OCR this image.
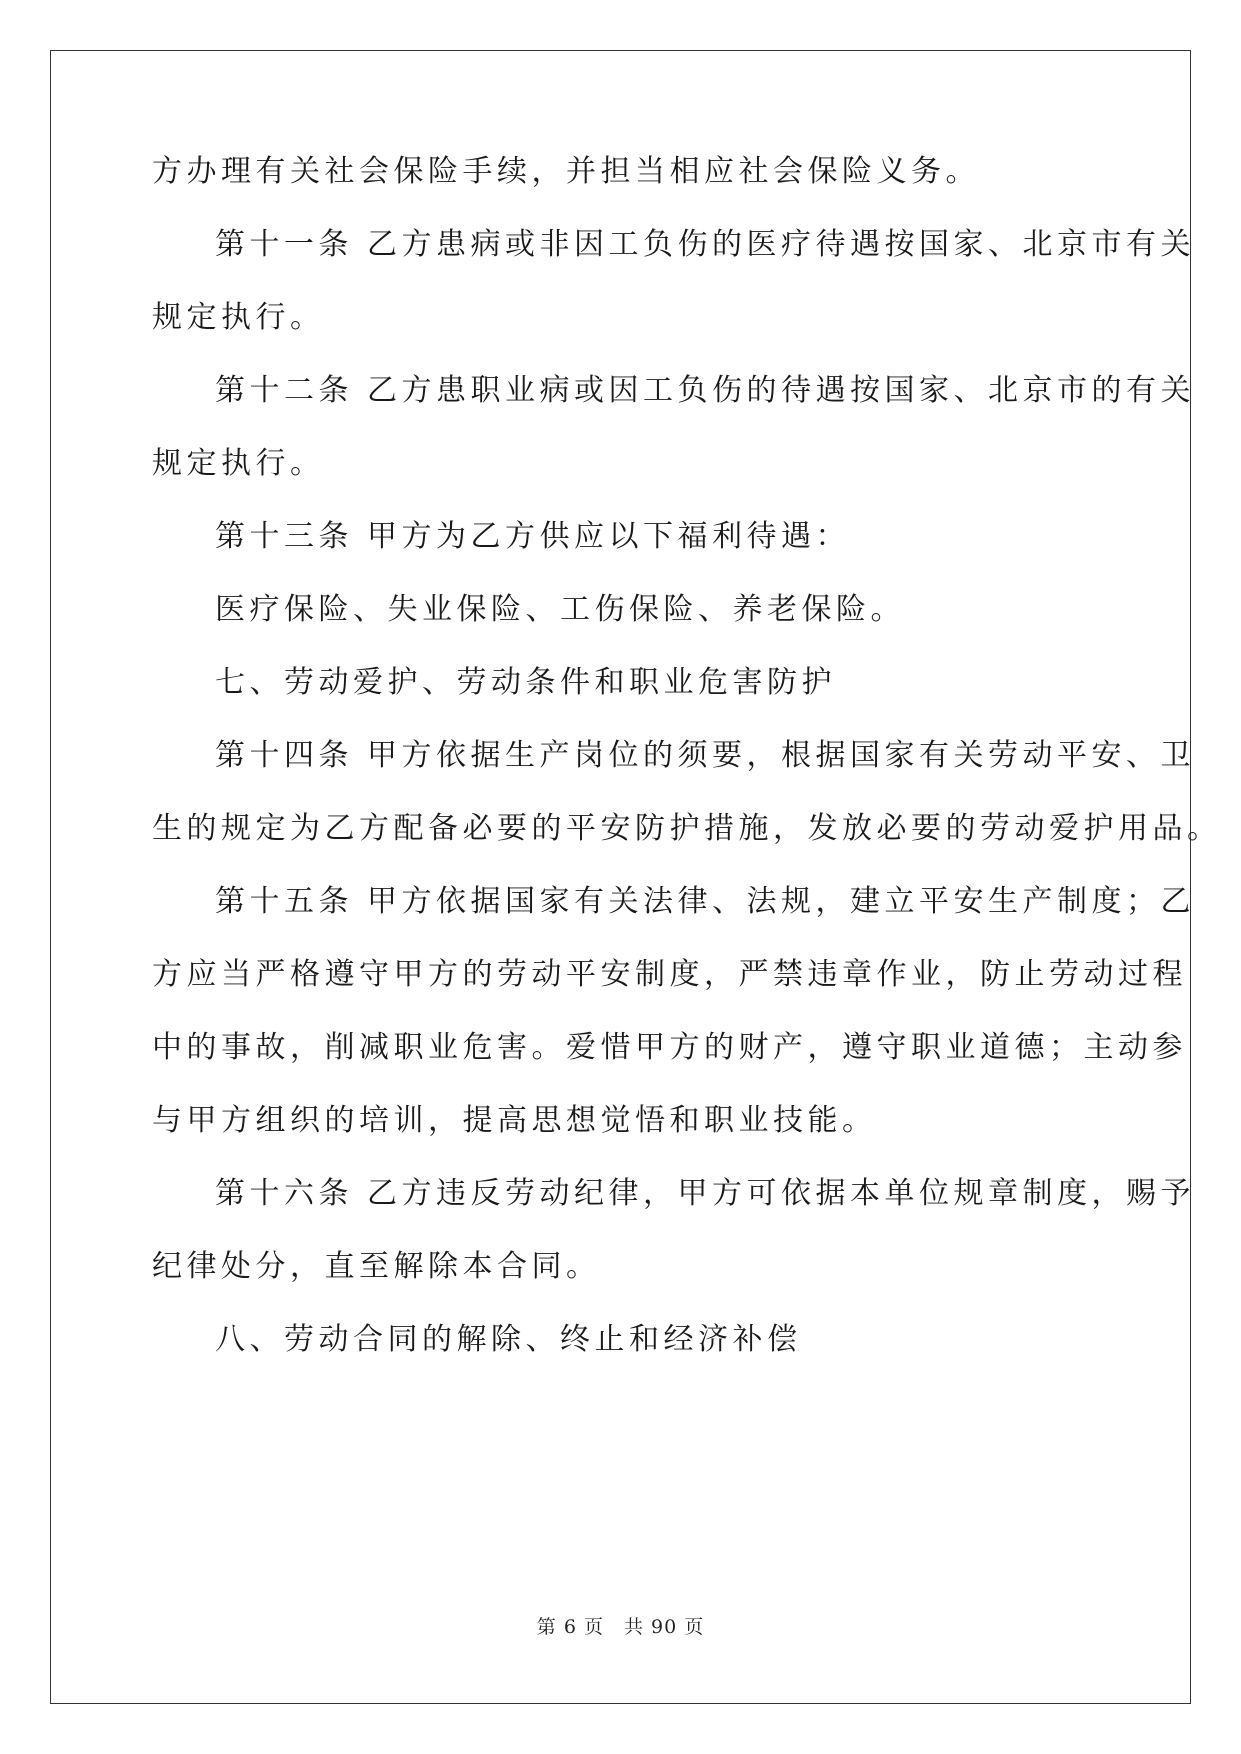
方办理有关社会保险手续，并担当相应社会保险义务。
第十一条 乙方患病或非因工负伤的医疗待遇按国家、北京市有关
规定执行。
第十二条 乙方患职业病或因工负伤的待遇按国家、北京市的有关
规定执行。
第十三条 甲方为乙方供应以下福利待遇：
医疗保险、失业保险、工伤保险、养老保险。
七、劳动爱护、劳动条件和职业危害防护
第十四条 甲方依据生产岗位的须要，根据国家有关劳动平安、卫
生的规定为乙方配备必要的平安防护措施，发放必要的劳动爱护用品。
第十五条 甲方依据国家有关法律、法规，建立平安生产制度；乙
方应当严格遵守甲方的劳动平安制度，严禁违章作业，防止劳动过程
中的事故，削减职业危害。爱惜甲方的财产，遵守职业道德；主动参
与甲方组织的培训，提高思想觉悟和职业技能。
第十六条 乙方违反劳动纪律，甲方可依据本单位规章制度，赐予
纪律处分，直至解除本合同。
八、劳动合同的解除、终止和经济补偿
第 6 页　共 90 页
